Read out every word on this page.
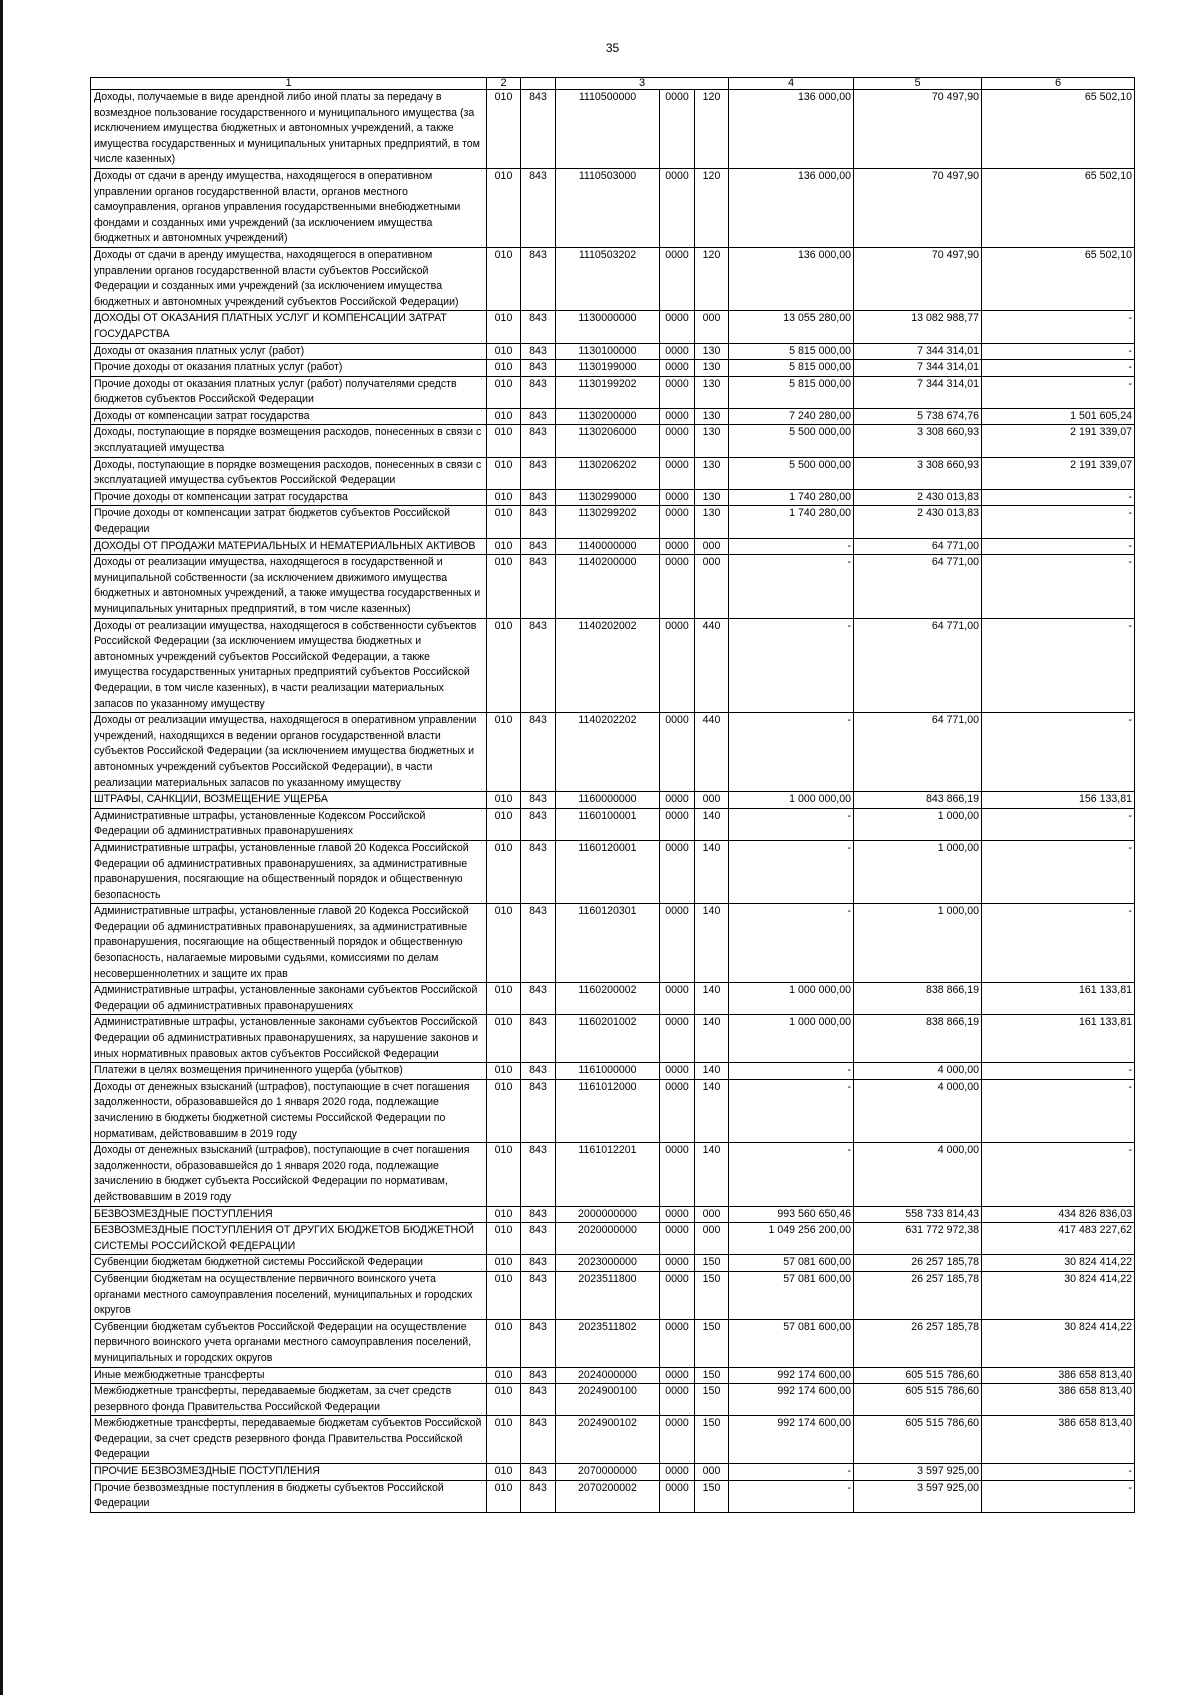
35
1	2		3			4	5	6
Доходы, получаемые в виде арендной либо иной платы за передачу в возмездное пользование государственного и муниципального имущества (за исключением имущества бюджетных и автономных учреждений, а также имущества государственных и муниципальных унитарных предприятий, в том числе казенных)	010	843	1110500000	0000	120	136 000,00	70 497,90	65 502,10
Доходы от сдачи в аренду имущества, находящегося в оперативном управлении органов государственной власти, органов местного самоуправления, органов управления государственными внебюджетными фондами и созданных ими учреждений (за исключением имущества бюджетных и автономных учреждений)	010	843	1110503000	0000	120	136 000,00	70 497,90	65 502,10
Доходы от сдачи в аренду имущества, находящегося в оперативном управлении органов государственной власти субъектов Российской Федерации и созданных ими учреждений (за исключением имущества бюджетных и автономных учреждений субъектов Российской Федерации)	010	843	1110503202	0000	120	136 000,00	70 497,90	65 502,10
ДОХОДЫ ОТ ОКАЗАНИЯ ПЛАТНЫХ УСЛУГ И КОМПЕНСАЦИИ ЗАТРАТ ГОСУДАРСТВА	010	843	1130000000	0000	000	13 055 280,00	13 082 988,77	-
Доходы от оказания платных услуг (работ)	010	843	1130100000	0000	130	5 815 000,00	7 344 314,01	-
Прочие доходы от оказания платных услуг (работ)	010	843	1130199000	0000	130	5 815 000,00	7 344 314,01	-
Прочие доходы от оказания платных услуг (работ) получателями средств бюджетов субъектов Российской Федерации	010	843	1130199202	0000	130	5 815 000,00	7 344 314,01	-
Доходы от компенсации затрат государства	010	843	1130200000	0000	130	7 240 280,00	5 738 674,76	1 501 605,24
Доходы, поступающие в порядке возмещения расходов, понесенных в связи с эксплуатацией имущества	010	843	1130206000	0000	130	5 500 000,00	3 308 660,93	2 191 339,07
Доходы, поступающие в порядке возмещения расходов, понесенных в связи с эксплуатацией имущества субъектов Российской Федерации	010	843	1130206202	0000	130	5 500 000,00	3 308 660,93	2 191 339,07
Прочие доходы от компенсации затрат государства	010	843	1130299000	0000	130	1 740 280,00	2 430 013,83	-
Прочие доходы от компенсации затрат бюджетов субъектов Российской Федерации	010	843	1130299202	0000	130	1 740 280,00	2 430 013,83	-
ДОХОДЫ ОТ ПРОДАЖИ МАТЕРИАЛЬНЫХ И НЕМАТЕРИАЛЬНЫХ АКТИВОВ	010	843	1140000000	0000	000	-	64 771,00	-
Доходы от реализации имущества, находящегося в государственной и муниципальной собственности (за исключением движимого имущества бюджетных и автономных учреждений, а также имущества государственных и муниципальных унитарных предприятий, в том числе казенных)	010	843	1140200000	0000	000	-	64 771,00	-
Доходы от реализации имущества, находящегося в собственности субъектов Российской Федерации (за исключением имущества бюджетных и автономных учреждений субъектов Российской Федерации, а также имущества государственных унитарных предприятий субъектов Российской Федерации, в том числе казенных), в части реализации материальных запасов по указанному имуществу	010	843	1140202002	0000	440	-	64 771,00	-
Доходы от реализации имущества, находящегося в оперативном управлении учреждений, находящихся в ведении органов государственной власти субъектов Российской Федерации (за исключением имущества бюджетных и автономных учреждений субъектов Российской Федерации), в части реализации материальных запасов по указанному имуществу	010	843	1140202202	0000	440	-	64 771,00	-
ШТРАФЫ, САНКЦИИ, ВОЗМЕЩЕНИЕ УЩЕРБА	010	843	1160000000	0000	000	1 000 000,00	843 866,19	156 133,81
Административные штрафы, установленные Кодексом Российской Федерации об административных правонарушениях	010	843	1160100001	0000	140	-	1 000,00	-
Административные штрафы, установленные главой 20 Кодекса Российской Федерации об административных правонарушениях, за административные правонарушения, посягающие на общественный порядок и общественную безопасность	010	843	1160120001	0000	140	-	1 000,00	-
Административные штрафы, установленные главой 20 Кодекса Российской Федерации об административных правонарушениях, за административные правонарушения, посягающие на общественный порядок и общественную безопасность, налагаемые мировыми судьями, комиссиями по делам несовершеннолетних и защите их прав	010	843	1160120301	0000	140	-	1 000,00	-
Административные штрафы, установленные законами субъектов Российской Федерации об административных правонарушениях	010	843	1160200002	0000	140	1 000 000,00	838 866,19	161 133,81
Административные штрафы, установленные законами субъектов Российской Федерации об административных правонарушениях, за нарушение законов и иных нормативных правовых актов субъектов Российской Федерации	010	843	1160201002	0000	140	1 000 000,00	838 866,19	161 133,81
Платежи в целях возмещения причиненного ущерба (убытков)	010	843	1161000000	0000	140	-	4 000,00	-
Доходы от денежных взысканий (штрафов), поступающие в счет погашения задолженности, образовавшейся до 1 января 2020 года, подлежащие зачислению в бюджеты бюджетной системы Российской Федерации по нормативам, действовавшим в 2019 году	010	843	1161012000	0000	140	-	4 000,00	-
Доходы от денежных взысканий (штрафов), поступающие в счет погашения задолженности, образовавшейся до 1 января 2020 года, подлежащие зачислению в бюджет субъекта Российской Федерации по нормативам, действовавшим в 2019 году	010	843	1161012201	0000	140	-	4 000,00	-
БЕЗВОЗМЕЗДНЫЕ ПОСТУПЛЕНИЯ	010	843	2000000000	0000	000	993 560 650,46	558 733 814,43	434 826 836,03
БЕЗВОЗМЕЗДНЫЕ ПОСТУПЛЕНИЯ ОТ ДРУГИХ БЮДЖЕТОВ БЮДЖЕТНОЙ СИСТЕМЫ РОССИЙСКОЙ ФЕДЕРАЦИИ	010	843	2020000000	0000	000	1 049 256 200,00	631 772 972,38	417 483 227,62
Субвенции бюджетам бюджетной системы Российской Федерации	010	843	2023000000	0000	150	57 081 600,00	26 257 185,78	30 824 414,22
Субвенции бюджетам на осуществление первичного воинского учета органами местного самоуправления поселений, муниципальных и городских округов	010	843	2023511800	0000	150	57 081 600,00	26 257 185,78	30 824 414,22
Субвенции бюджетам субъектов Российской Федерации на осуществление первичного воинского учета органами местного самоуправления поселений, муниципальных и городских округов	010	843	2023511802	0000	150	57 081 600,00	26 257 185,78	30 824 414,22
Иные межбюджетные трансферты	010	843	2024000000	0000	150	992 174 600,00	605 515 786,60	386 658 813,40
Межбюджетные трансферты, передаваемые бюджетам, за счет средств резервного фонда Правительства Российской Федерации	010	843	2024900100	0000	150	992 174 600,00	605 515 786,60	386 658 813,40
Межбюджетные трансферты, передаваемые бюджетам субъектов Российской Федерации, за счет средств резервного фонда Правительства Российской Федерации	010	843	2024900102	0000	150	992 174 600,00	605 515 786,60	386 658 813,40
ПРОЧИЕ БЕЗВОЗМЕЗДНЫЕ ПОСТУПЛЕНИЯ	010	843	2070000000	0000	000	-	3 597 925,00	-
Прочие безвозмездные поступления в бюджеты субъектов Российской Федерации	010	843	2070200002	0000	150	-	3 597 925,00	-
